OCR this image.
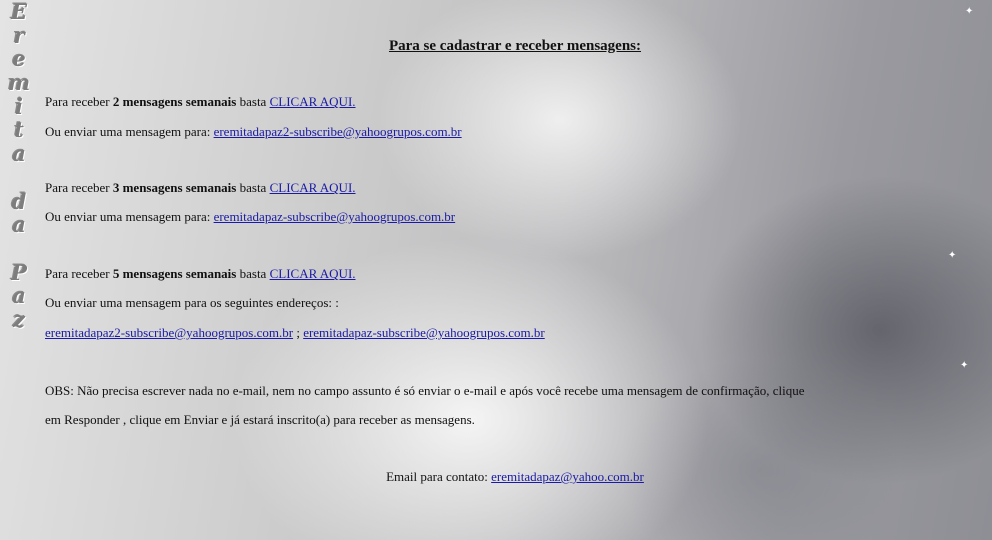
E
r
e
m
i
t
a
d
a
P
a
z
✦
✦
✦
Para se cadastrar e receber mensagens:
Para receber 2 mensagens semanais basta CLICAR AQUI.
Ou enviar uma mensagem para: eremitadapaz2-subscribe@yahoogrupos.com.br
Para receber 3 mensagens semanais basta CLICAR AQUI.
Ou enviar uma mensagem para: eremitadapaz-subscribe@yahoogrupos.com.br
Para receber 5 mensagens semanais basta CLICAR AQUI.
Ou enviar uma mensagem para os seguintes endereços: :
eremitadapaz2-subscribe@yahoogrupos.com.br ; eremitadapaz-subscribe@yahoogrupos.com.br
OBS: Não precisa escrever nada no e-mail, nem no campo assunto é só enviar o e-mail e após você recebe uma mensagem de confirmação, clique
em Responder , clique em Enviar e já estará inscrito(a) para receber as mensagens.
Email para contato: eremitadapaz@yahoo.com.br
